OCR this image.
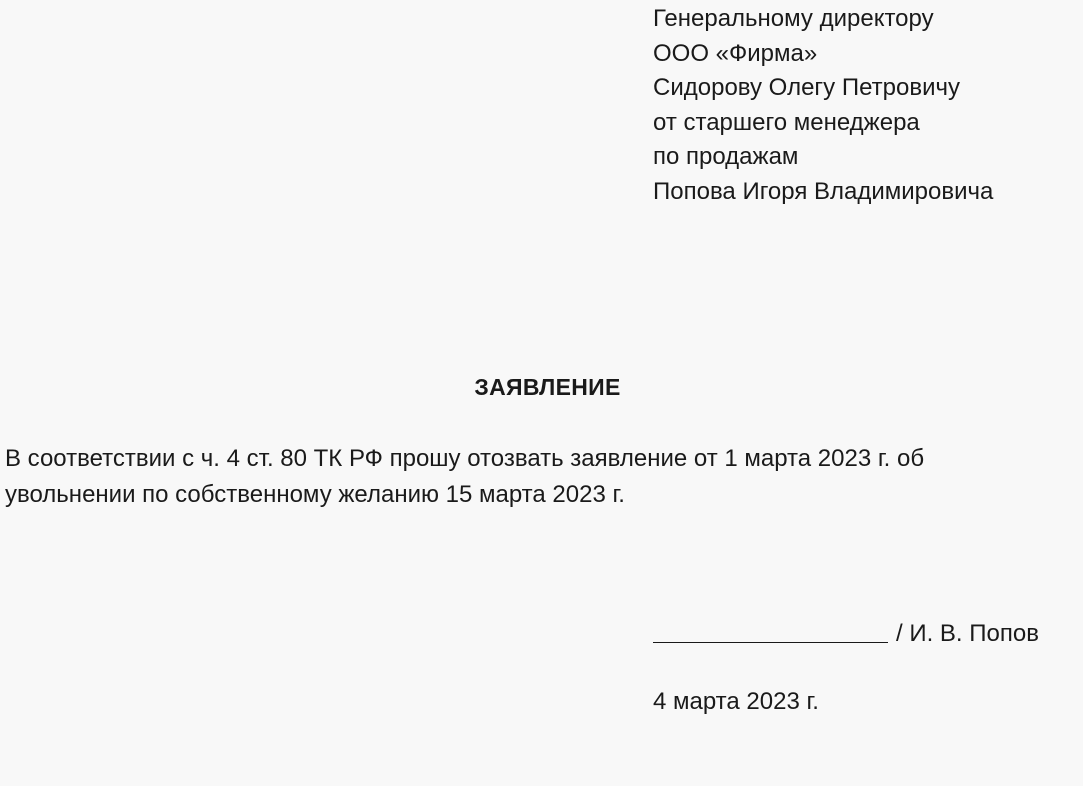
Генеральному директору
ООО «Фирма»
Сидорову Олегу Петровичу
от старшего менеджера
по продажам
Попова Игоря Владимировича
ЗАЯВЛЕНИЕ
В соответствии с ч. 4 ст. 80 ТК РФ прошу отозвать заявление от 1 марта 2023 г. об
увольнении по собственному желанию 15 марта 2023 г.
/ И. В. Попов
4 марта 2023 г.
